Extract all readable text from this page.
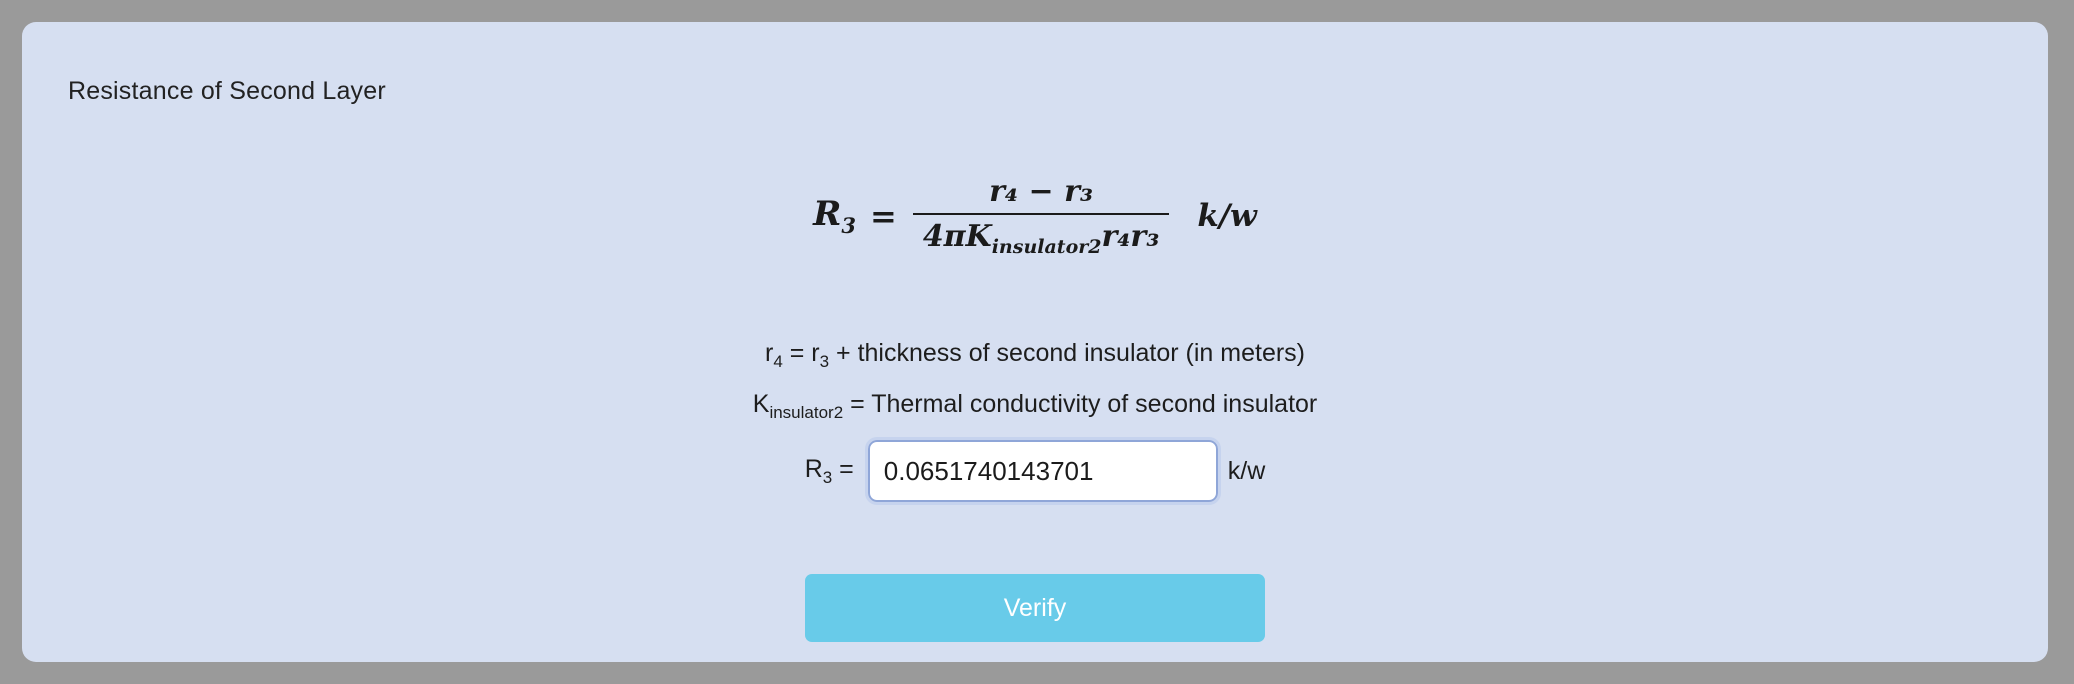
Resistance of Second Layer
$R_3 = \frac{\text{r₄ − r₃}}{4\pi K_{insulator2}r_4r_3} k/w$
$r_4 = r_3$ + thickness of second insulator (in meters)
$K_{insulator2}$ = Thermal conductivity of second insulator
$R_3$ =
0.0651740143701	k/w
Verify
